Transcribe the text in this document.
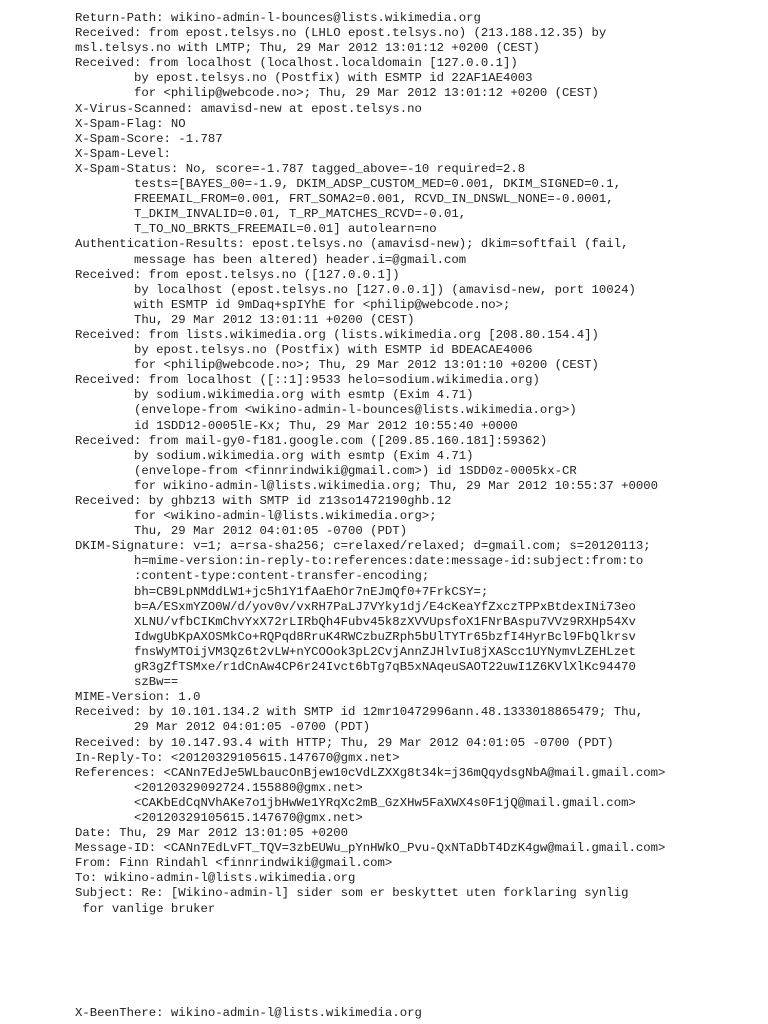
Return-Path: wikino-admin-l-bounces@lists.wikimedia.org
Received: from epost.telsys.no (LHLO epost.telsys.no) (213.188.12.35) by
msl.telsys.no with LMTP; Thu, 29 Mar 2012 13:01:12 +0200 (CEST)
Received: from localhost (localhost.localdomain [127.0.0.1])
by epost.telsys.no (Postfix) with ESMTP id 22AF1AE4003
for <philip@webcode.no>; Thu, 29 Mar 2012 13:01:12 +0200 (CEST)
X-Virus-Scanned: amavisd-new at epost.telsys.no
X-Spam-Flag: NO
X-Spam-Score: -1.787
X-Spam-Level:
X-Spam-Status: No, score=-1.787 tagged_above=-10 required=2.8
tests=[BAYES_00=-1.9, DKIM_ADSP_CUSTOM_MED=0.001, DKIM_SIGNED=0.1,
FREEMAIL_FROM=0.001, FRT_SOMA2=0.001, RCVD_IN_DNSWL_NONE=-0.0001,
T_DKIM_INVALID=0.01, T_RP_MATCHES_RCVD=-0.01,
T_TO_NO_BRKTS_FREEMAIL=0.01] autolearn=no
Authentication-Results: epost.telsys.no (amavisd-new); dkim=softfail (fail,
message has been altered) header.i=@gmail.com
Received: from epost.telsys.no ([127.0.0.1])
by localhost (epost.telsys.no [127.0.0.1]) (amavisd-new, port 10024)
with ESMTP id 9mDaq+spIYhE for <philip@webcode.no>;
Thu, 29 Mar 2012 13:01:11 +0200 (CEST)
Received: from lists.wikimedia.org (lists.wikimedia.org [208.80.154.4])
by epost.telsys.no (Postfix) with ESMTP id BDEACAE4006
for <philip@webcode.no>; Thu, 29 Mar 2012 13:01:10 +0200 (CEST)
Received: from localhost ([::1]:9533 helo=sodium.wikimedia.org)
by sodium.wikimedia.org with esmtp (Exim 4.71)
(envelope-from <wikino-admin-l-bounces@lists.wikimedia.org>)
id 1SDD12-0005lE-Kx; Thu, 29 Mar 2012 10:55:40 +0000
Received: from mail-gy0-f181.google.com ([209.85.160.181]:59362)
by sodium.wikimedia.org with esmtp (Exim 4.71)
(envelope-from <finnrindwiki@gmail.com>) id 1SDD0z-0005kx-CR
for wikino-admin-l@lists.wikimedia.org; Thu, 29 Mar 2012 10:55:37 +0000
Received: by ghbz13 with SMTP id z13so1472190ghb.12
for <wikino-admin-l@lists.wikimedia.org>;
Thu, 29 Mar 2012 04:01:05 -0700 (PDT)
DKIM-Signature: v=1; a=rsa-sha256; c=relaxed/relaxed; d=gmail.com; s=20120113;
h=mime-version:in-reply-to:references:date:message-id:subject:from:to
:content-type:content-transfer-encoding;
bh=CB9LpNMddLW1+jc5h1Y1fAaEhOr7nEJmQf0+7FrkCSY=;
b=A/ESxmYZO0W/d/yov0v/vxRH7PaLJ7VYky1dj/E4cKeaYfZxczTPPxBtdexINi73eo
XLNU/vfbCIKmChvYxX72rLIRbQh4Fubv45k8zXVVUpsfoX1FNrBAspu7VVz9RXHp54Xv
IdwgUbKpAXOSMkCo+RQPqd8RruK4RWCzbuZRph5bUlTYTr65bzfI4HyrBcl9FbQlkrsv
fnsWyMTOijVM3Qz6t2vLW+nYCOOok3pL2CvjAnnZJHlvIu8jXAScc1UYNymvLZEHLzet
gR3gZfTSMxe/r1dCnAw4CP6r24Ivct6bTg7qB5xNAqeuSAOT22uwI1Z6KVlXlKc94470
szBw==
MIME-Version: 1.0
Received: by 10.101.134.2 with SMTP id 12mr10472996ann.48.1333018865479; Thu,
29 Mar 2012 04:01:05 -0700 (PDT)
Received: by 10.147.93.4 with HTTP; Thu, 29 Mar 2012 04:01:05 -0700 (PDT)
In-Reply-To: <20120329105615.147670@gmx.net>
References: <CANn7EdJe5WLbaucOnBjew10cVdLZXXg8t34k=j36mQqydsgNbA@mail.gmail.com>
<20120329092724.155880@gmx.net>
<CAKbEdCqNVhAKe7o1jbHwWe1YRqXc2mB_GzXHw5FaXWX4s0F1jQ@mail.gmail.com>
<20120329105615.147670@gmx.net>
Date: Thu, 29 Mar 2012 13:01:05 +0200
Message-ID: <CANn7EdLvFT_TQV=3zbEUWu_pYnHWkO_Pvu-QxNTaDbT4DzK4gw@mail.gmail.com>
From: Finn Rindahl <finnrindwiki@gmail.com>
To: wikino-admin-l@lists.wikimedia.org
Subject: Re: [Wikino-admin-l] sider som er beskyttet uten forklaring synlig
for vanlige bruker
X-BeenThere: wikino-admin-l@lists.wikimedia.org
